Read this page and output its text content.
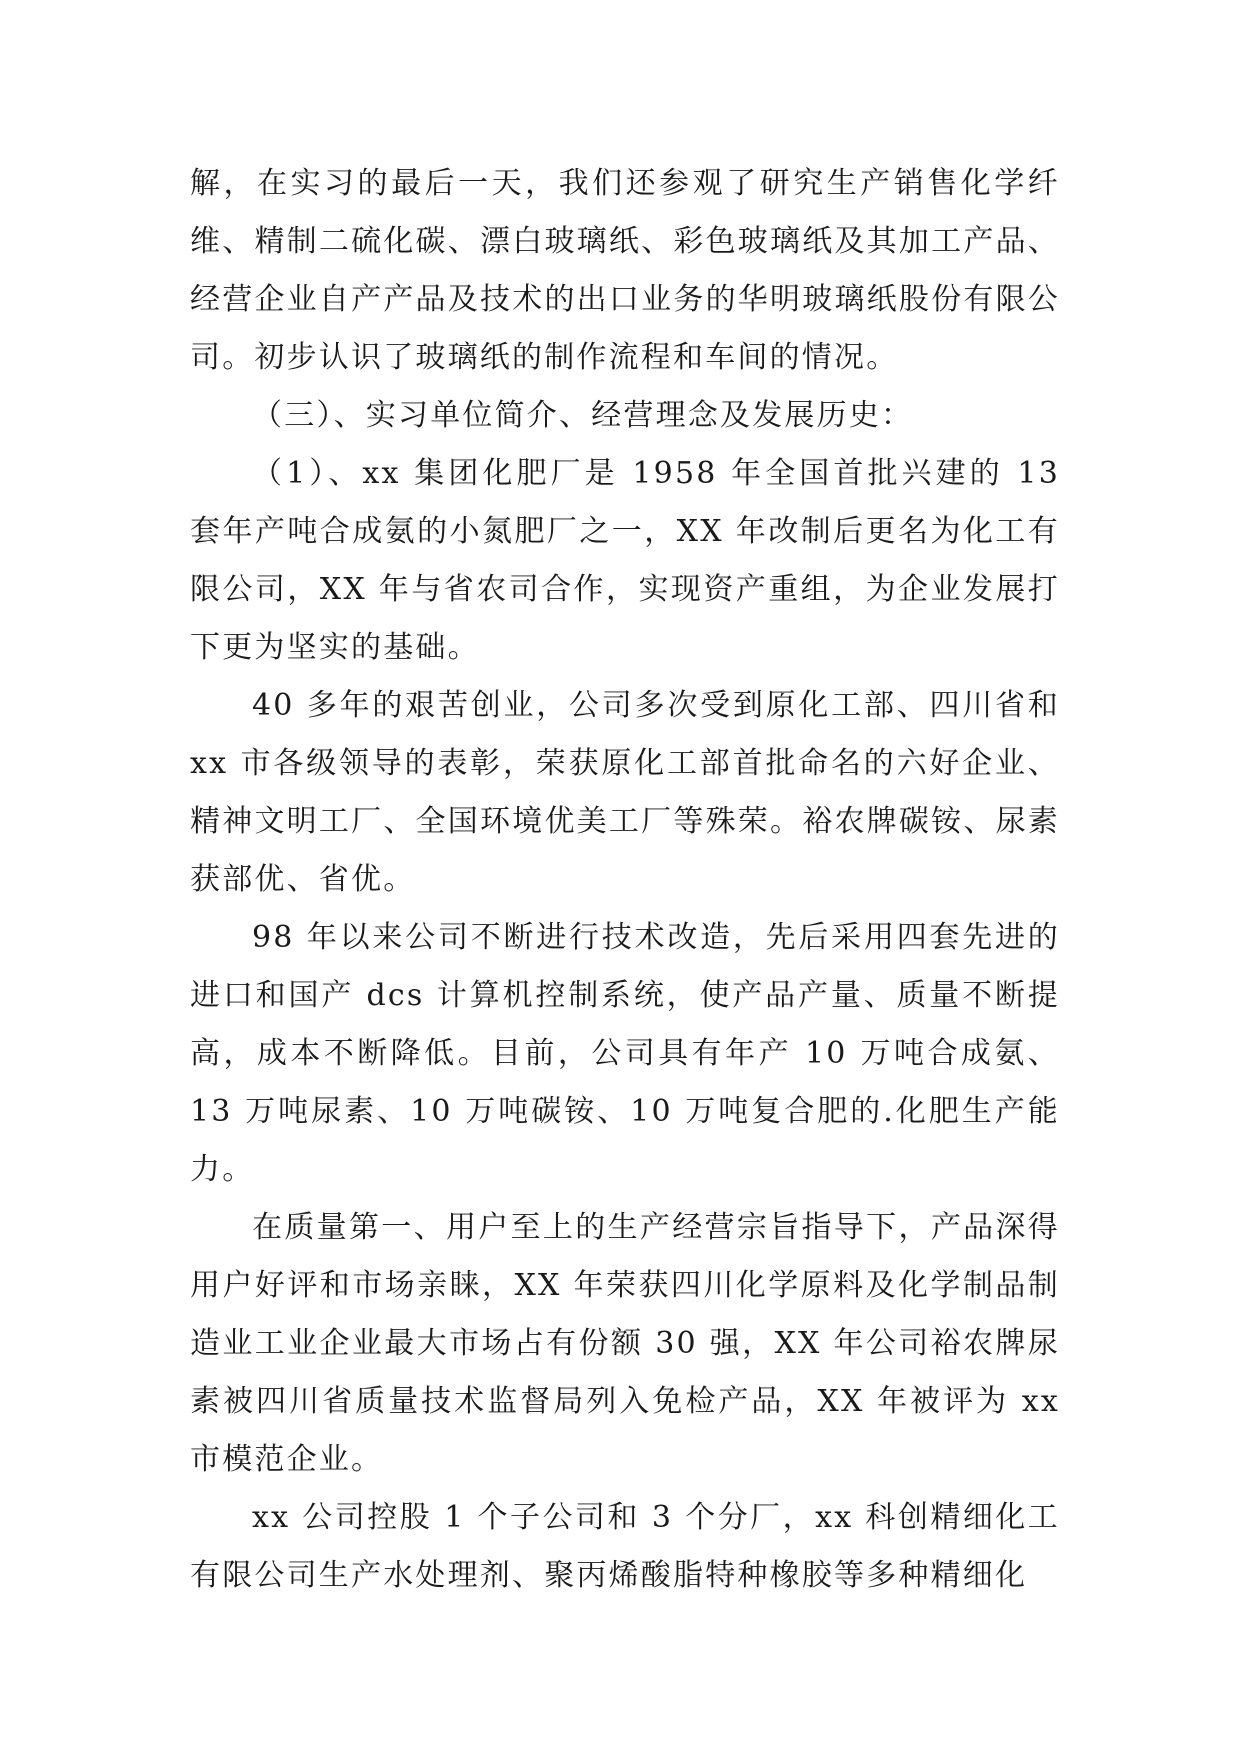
解，在实习的最后一天，我们还参观了研究生产销售化学纤维、精制二硫化碳、漂白玻璃纸、彩色玻璃纸及其加工产品、经营企业自产产品及技术的出口业务的华明玻璃纸股份有限公司。初步认识了玻璃纸的制作流程和车间的情况。

（三）、实习单位简介、经营理念及发展历史：

（1）、xx 集团化肥厂是 1958 年全国首批兴建的 13 套年产吨合成氨的小氮肥厂之一，XX 年改制后更名为化工有限公司，XX 年与省农司合作，实现资产重组，为企业发展打下更为坚实的基础。

40 多年的艰苦创业，公司多次受到原化工部、四川省和 xx 市各级领导的表彰，荣获原化工部首批命名的六好企业、精神文明工厂、全国环境优美工厂等殊荣。裕农牌碳铵、尿素获部优、省优。

98 年以来公司不断进行技术改造，先后采用四套先进的进口和国产 dcs 计算机控制系统，使产品产量、质量不断提高，成本不断降低。目前，公司具有年产 10 万吨合成氨、13 万吨尿素、10 万吨碳铵、10 万吨复合肥的.化肥生产能力。

在质量第一、用户至上的生产经营宗旨指导下，产品深得用户好评和市场亲睐，XX 年荣获四川化学原料及化学制品制造业工业企业最大市场占有份额 30 强，XX 年公司裕农牌尿素被四川省质量技术监督局列入免检产品，XX 年被评为 xx 市模范企业。

xx 公司控股 1 个子公司和 3 个分厂，xx 科创精细化工有限公司生产水处理剂、聚丙烯酸脂特种橡胶等多种精细化
